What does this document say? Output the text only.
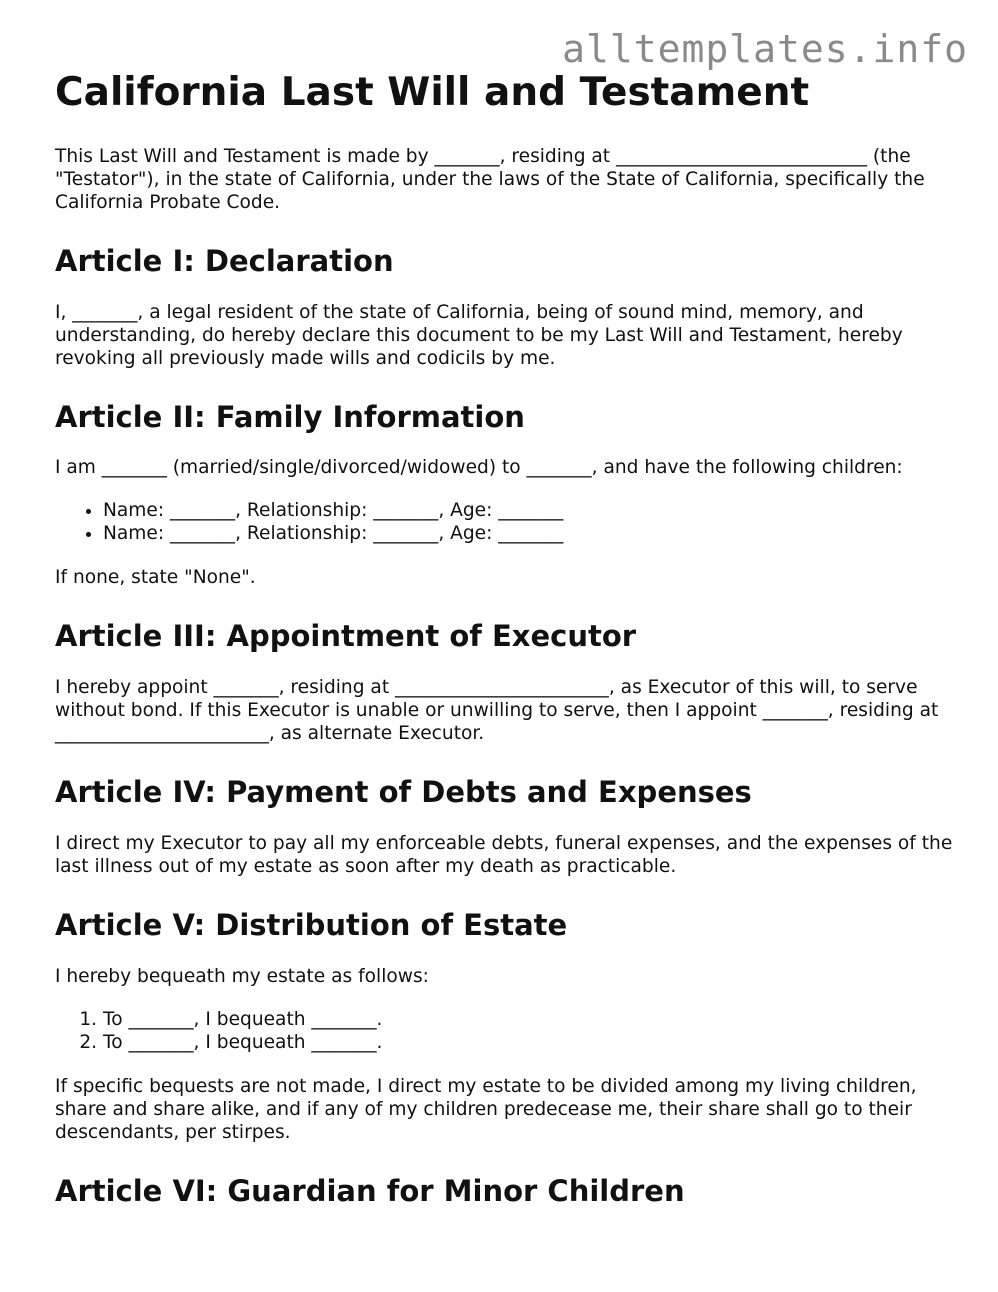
alltemplates.info
California Last Will and Testament

This Last Will and Testament is made by _______, residing at ___________________________ (the "Testator"), in the state of California, under the laws of the State of California, specifically the California Probate Code.

Article I: Declaration

I, _______, a legal resident of the state of California, being of sound mind, memory, and understanding, do hereby declare this document to be my Last Will and Testament, hereby revoking all previously made wills and codicils by me.

Article II: Family Information

I am _______ (married/single/divorced/widowed) to _______, and have the following children:

• Name: _______, Relationship: _______, Age: _______
• Name: _______, Relationship: _______, Age: _______

If none, state "None".

Article III: Appointment of Executor

I hereby appoint _______, residing at _______________________, as Executor of this will, to serve without bond. If this Executor is unable or unwilling to serve, then I appoint _______, residing at _______________________, as alternate Executor.

Article IV: Payment of Debts and Expenses

I direct my Executor to pay all my enforceable debts, funeral expenses, and the expenses of the last illness out of my estate as soon after my death as practicable.

Article V: Distribution of Estate

I hereby bequeath my estate as follows:

1. To _______, I bequeath _______.
2. To _______, I bequeath _______.

If specific bequests are not made, I direct my estate to be divided among my living children, share and share alike, and if any of my children predecease me, their share shall go to their descendants, per stirpes.

Article VI: Guardian for Minor Children
